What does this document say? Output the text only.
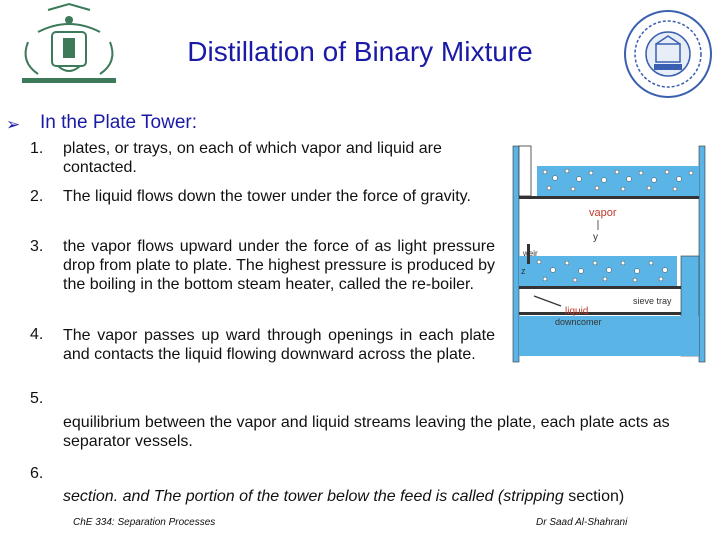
Distillation of Binary Mixture
➢ In the Plate Tower:
1. plates, or trays, on each of which vapor and liquid are contacted.
2. The liquid flows down the tower under the force of gravity.
3. the vapor flows upward under the force of as light pressure drop from plate to plate. The highest pressure is produced by the boiling in the bottom steam heater, called the re-boiler.
4. The vapor passes up ward through openings in each plate and contacts the liquid flowing downward across the plate.
5.
equilibrium between the vapor and liquid streams leaving the plate, each plate acts as separator vessels.
6.
section. and The portion of the tower below the feed is called (stripping section)
vapor
y
weir
z
liquid
sieve tray
downcomer
ChE 334: Separation Processes	Dr Saad Al-Shahrani
